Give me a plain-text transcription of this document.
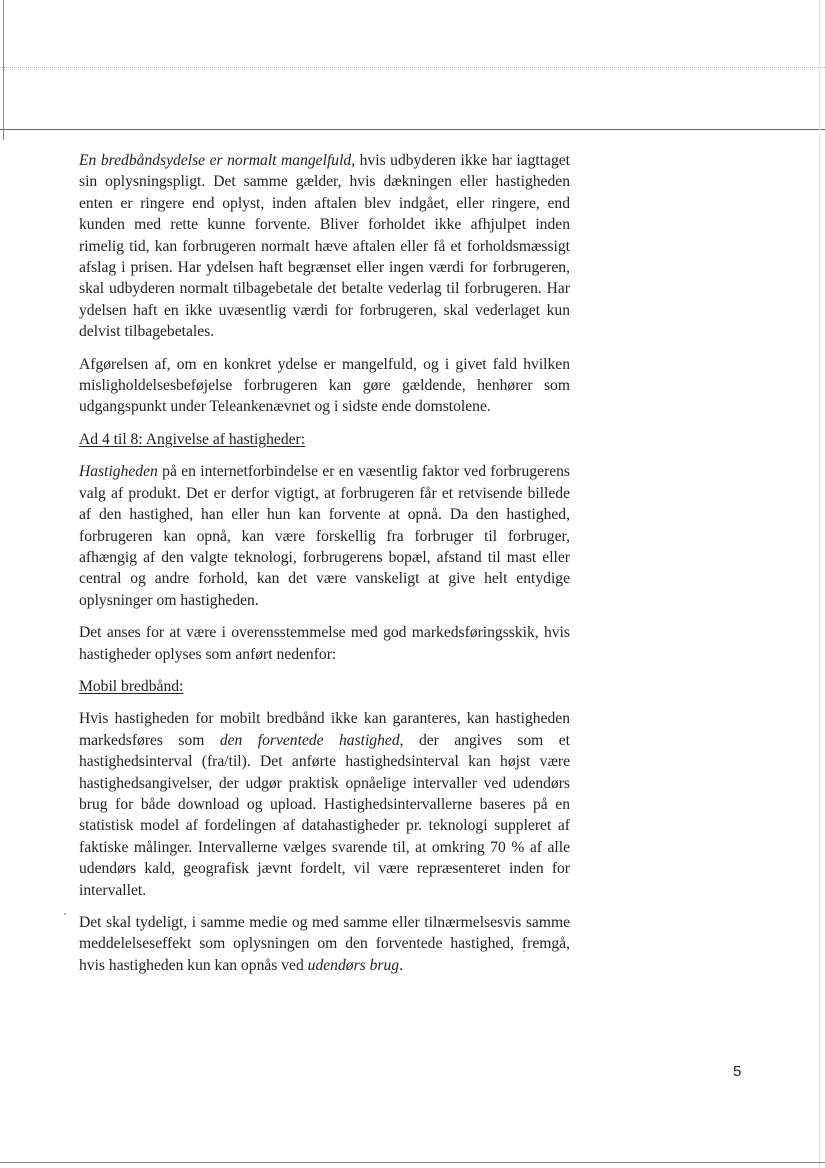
En bredbåndsydelse er normalt mangelfuld, hvis udbyderen ikke har iagttaget sin oplysningspligt. Det samme gælder, hvis dækningen eller hastigheden enten er ringere end oplyst, inden aftalen blev indgået, eller ringere, end kunden med rette kunne forvente. Bliver forholdet ikke afhjulpet inden rimelig tid, kan forbrugeren normalt hæve aftalen eller få et forholdsmæssigt afslag i prisen. Har ydelsen haft begrænset eller ingen værdi for forbrugeren, skal udbyderen normalt tilbagebetale det betalte vederlag til forbrugeren. Har ydelsen haft en ikke uvæsentlig værdi for forbrugeren, skal vederlaget kun delvist tilbagebetales.

Afgørelsen af, om en konkret ydelse er mangelfuld, og i givet fald hvilken misligholdelsesbeføjelse forbrugeren kan gøre gældende, henhører som udgangspunkt under Teleankenævnet og i sidste ende domstolene.

Ad 4 til 8: Angivelse af hastigheder:

Hastigheden på en internetforbindelse er en væsentlig faktor ved forbrugerens valg af produkt. Det er derfor vigtigt, at forbrugeren får et retvisende billede af den hastighed, han eller hun kan forvente at opnå. Da den hastighed, forbrugeren kan opnå, kan være forskellig fra forbruger til forbruger, afhængig af den valgte teknologi, forbrugerens bopæl, afstand til mast eller central og andre forhold, kan det være vanskeligt at give helt entydige oplysninger om hastigheden.

Det anses for at være i overensstemmelse med god markedsføringsskik, hvis hastigheder oplyses som anført nedenfor:

Mobil bredbånd:

Hvis hastigheden for mobilt bredbånd ikke kan garanteres, kan hastigheden markedsføres som den forventede hastighed, der angives som et hastighedsinterval (fra/til). Det anførte hastighedsinterval kan højst være hastighedsangivelser, der udgør praktisk opnåelige intervaller ved udendørs brug for både download og upload. Hastighedsintervallerne baseres på en statistisk model af fordelingen af datahastigheder pr. teknologi suppleret af faktiske målinger. Intervallerne vælges svarende til, at omkring 70 % af alle udendørs kald, geografisk jævnt fordelt, vil være repræsenteret inden for intervallet.

Det skal tydeligt, i samme medie og med samme eller tilnærmelsesvis samme meddelelseseffekt som oplysningen om den forventede hastighed, fremgå, hvis hastigheden kun kan opnås ved udendørs brug.

5
